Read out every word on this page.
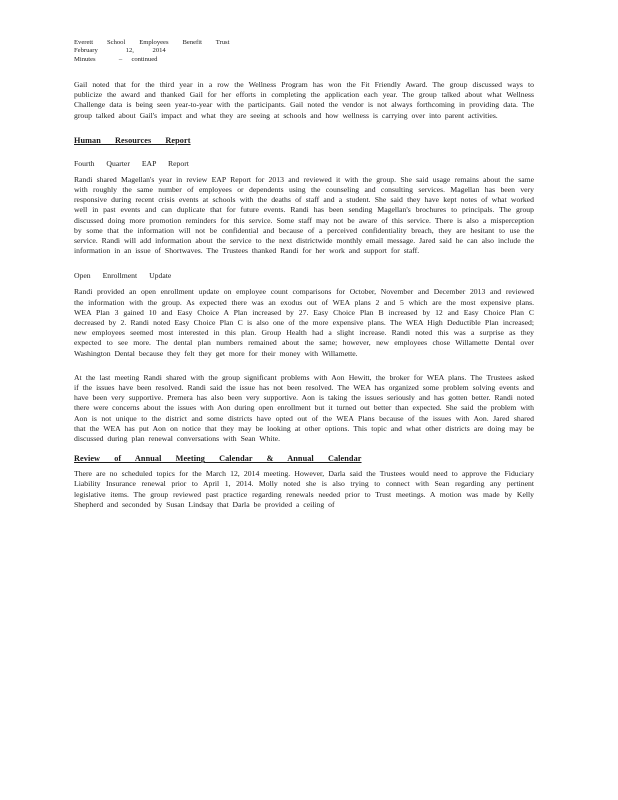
Everett   School   Employees   Benefit   Trust
February      12,    2014
Minutes     –  continued

Gail noted that for the third year in a row the Wellness Program has won the Fit Friendly Award. The group discussed ways to publicize the award and thanked Gail for her efforts in completing the application each year. The group talked about what Wellness Challenge data is being seen year-to-year with the participants. Gail noted the vendor is not always forthcoming in providing data. The group talked about Gail's impact and what they are seeing at schools and how wellness is carrying over into parent activities.

Human Resources Report

Fourth Quarter EAP Report

Randi shared Magellan's year in review EAP Report for 2013 and reviewed it with the group. She said usage remains about the same with roughly the same number of employees or dependents using the counseling and consulting services. Magellan has been very responsive during recent crisis events at schools with the deaths of staff and a student. She said they have kept notes of what worked well in past events and can duplicate that for future events. Randi has been sending Magellan's brochures to principals. The group discussed doing more promotion reminders for this service. Some staff may not be aware of this service. There is also a misperception by some that the information will not be confidential and because of a perceived confidentiality breach, they are hesitant to use the service. Randi will add information about the service to the next districtwide monthly email message. Jared said he can also include the information in an issue of Shortwaves. The Trustees thanked Randi for her work and support for staff.

Open Enrollment Update

Randi provided an open enrollment update on employee count comparisons for October, November and December 2013 and reviewed the information with the group. As expected there was an exodus out of WEA plans 2 and 5 which are the most expensive plans. WEA Plan 3 gained 10 and Easy Choice A Plan increased by 27. Easy Choice Plan B increased by 12 and Easy Choice Plan C decreased by 2. Randi noted Easy Choice Plan C is also one of the more expensive plans. The WEA High Deductible Plan increased; new employees seemed most interested in this plan. Group Health had a slight increase. Randi noted this was a surprise as they expected to see more. The dental plan numbers remained about the same; however, new employees chose Willamette Dental over Washington Dental because they felt they get more for their money with Willamette.

At the last meeting Randi shared with the group significant problems with Aon Hewitt, the broker for WEA plans. The Trustees asked if the issues have been resolved. Randi said the issue has not been resolved. The WEA has organized some problem solving events and have been very supportive. Premera has also been very supportive. Aon is taking the issues seriously and has gotten better. Randi noted there were concerns about the issues with Aon during open enrollment but it turned out better than expected. She said the problem with Aon is not unique to the district and some districts have opted out of the WEA Plans because of the issues with Aon. Jared shared that the WEA has put Aon on notice that they may be looking at other options. This topic and what other districts are doing may be discussed during plan renewal conversations with Sean White.

Review of Annual Meeting Calendar & Annual Calendar

There are no scheduled topics for the March 12, 2014 meeting. However, Darla said the Trustees would need to approve the Fiduciary Liability Insurance renewal prior to April 1, 2014. Molly noted she is also trying to connect with Sean regarding any pertinent legislative items. The group reviewed past practice regarding renewals needed prior to Trust meetings. A motion was made by Kelly Shepherd and seconded by Susan Lindsay that Darla be provided a ceiling of
